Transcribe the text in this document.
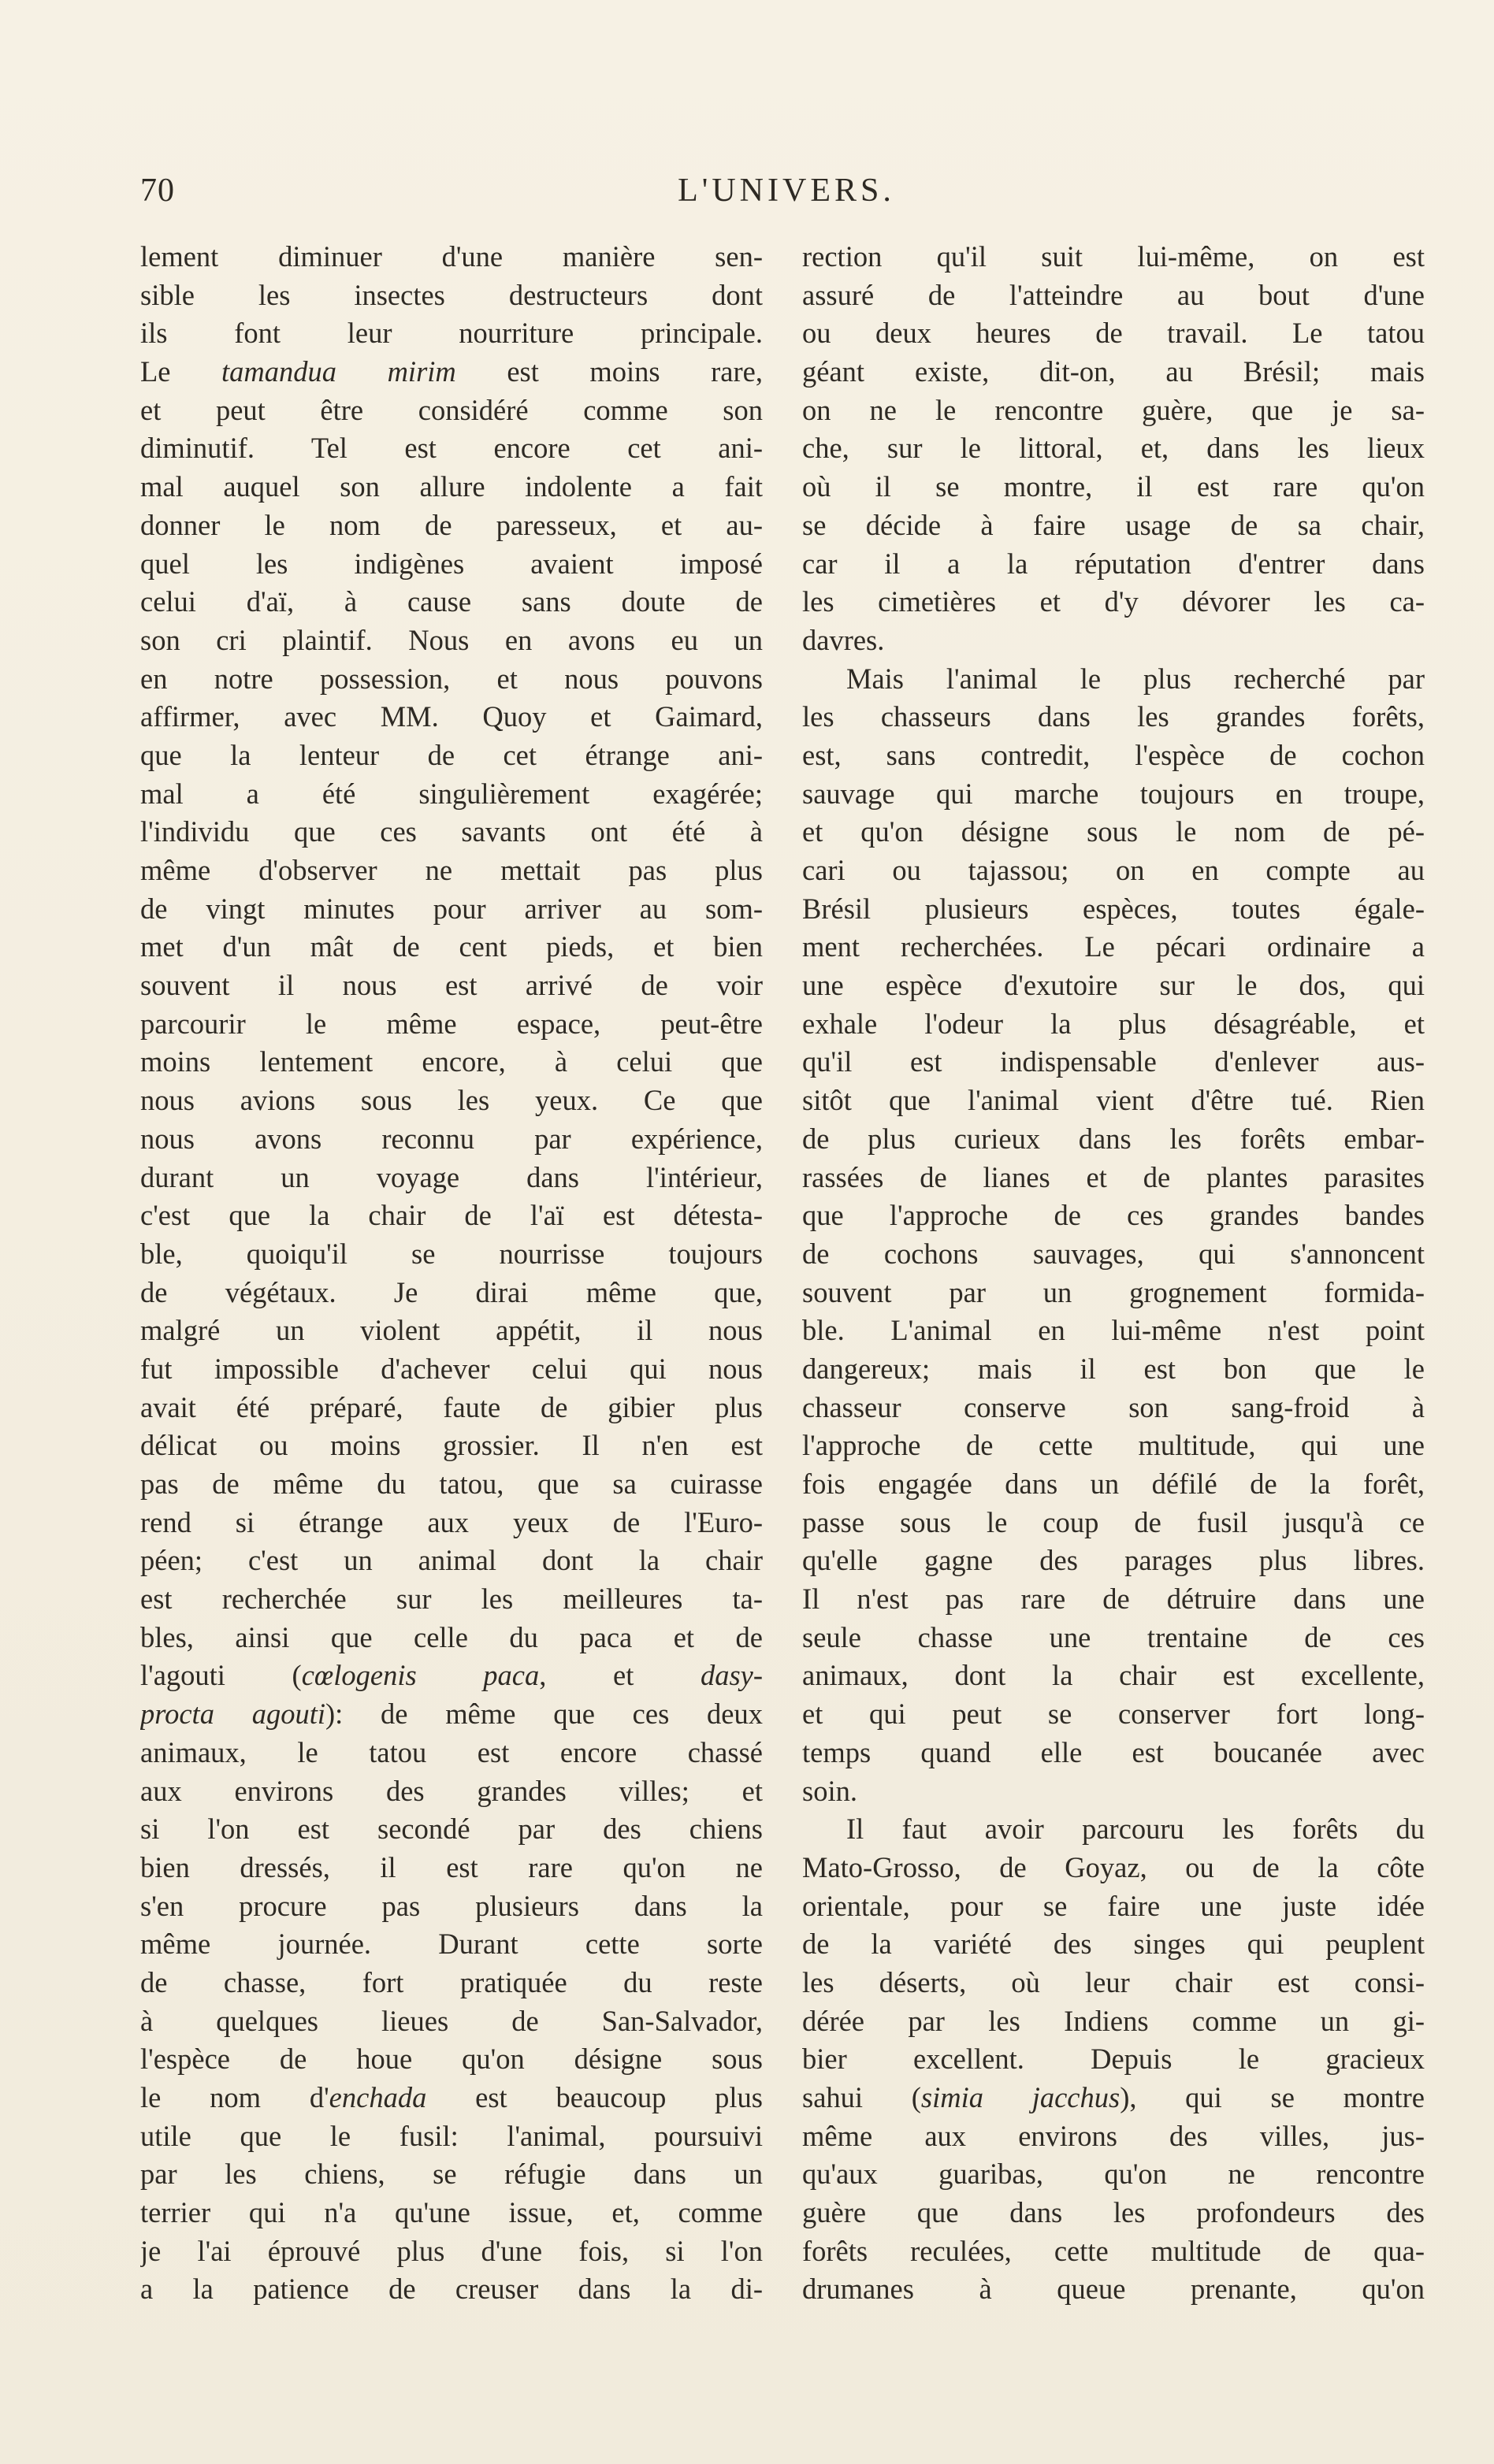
70	L'UNIVERS.
lement diminuer d'une manière sen-
sible les insectes destructeurs dont
ils font leur nourriture principale.
Le tamandua mirim est moins rare,
et peut être considéré comme son
diminutif. Tel est encore cet ani-
mal auquel son allure indolente a fait
donner le nom de paresseux, et au-
quel les indigènes avaient imposé
celui d'aï, à cause sans doute de
son cri plaintif. Nous en avons eu un
en notre possession, et nous pouvons
affirmer, avec MM. Quoy et Gaimard,
que la lenteur de cet étrange ani-
mal a été singulièrement exagérée;
l'individu que ces savants ont été à
même d'observer ne mettait pas plus
de vingt minutes pour arriver au som-
met d'un mât de cent pieds, et bien
souvent il nous est arrivé de voir
parcourir le même espace, peut-être
moins lentement encore, à celui que
nous avions sous les yeux. Ce que
nous avons reconnu par expérience,
durant un voyage dans l'intérieur,
c'est que la chair de l'aï est détesta-
ble, quoiqu'il se nourrisse toujours
de végétaux. Je dirai même que,
malgré un violent appétit, il nous
fut impossible d'achever celui qui nous
avait été préparé, faute de gibier plus
délicat ou moins grossier. Il n'en est
pas de même du tatou, que sa cuirasse
rend si étrange aux yeux de l'Euro-
péen; c'est un animal dont la chair
est recherchée sur les meilleures ta-
bles, ainsi que celle du paca et de
l'agouti (cœlogenis paca, et dasy-
procta agouti): de même que ces deux
animaux, le tatou est encore chassé
aux environs des grandes villes; et
si l'on est secondé par des chiens
bien dressés, il est rare qu'on ne
s'en procure pas plusieurs dans la
même journée. Durant cette sorte
de chasse, fort pratiquée du reste
à quelques lieues de San-Salvador,
l'espèce de houe qu'on désigne sous
le nom d'enchada est beaucoup plus
utile que le fusil: l'animal, poursuivi
par les chiens, se réfugie dans un
terrier qui n'a qu'une issue, et, comme
je l'ai éprouvé plus d'une fois, si l'on
a la patience de creuser dans la di-
rection qu'il suit lui-même, on est
assuré de l'atteindre au bout d'une
ou deux heures de travail. Le tatou
géant existe, dit-on, au Brésil; mais
on ne le rencontre guère, que je sa-
che, sur le littoral, et, dans les lieux
où il se montre, il est rare qu'on
se décide à faire usage de sa chair,
car il a la réputation d'entrer dans
les cimetières et d'y dévorer les ca-
davres.
Mais l'animal le plus recherché par
les chasseurs dans les grandes forêts,
est, sans contredit, l'espèce de cochon
sauvage qui marche toujours en troupe,
et qu'on désigne sous le nom de pé-
cari ou tajassou; on en compte au
Brésil plusieurs espèces, toutes égale-
ment recherchées. Le pécari ordinaire a
une espèce d'exutoire sur le dos, qui
exhale l'odeur la plus désagréable, et
qu'il est indispensable d'enlever aus-
sitôt que l'animal vient d'être tué. Rien
de plus curieux dans les forêts embar-
rassées de lianes et de plantes parasites
que l'approche de ces grandes bandes
de cochons sauvages, qui s'annoncent
souvent par un grognement formida-
ble. L'animal en lui-même n'est point
dangereux; mais il est bon que le
chasseur conserve son sang-froid à
l'approche de cette multitude, qui une
fois engagée dans un défilé de la forêt,
passe sous le coup de fusil jusqu'à ce
qu'elle gagne des parages plus libres.
Il n'est pas rare de détruire dans une
seule chasse une trentaine de ces
animaux, dont la chair est excellente,
et qui peut se conserver fort long-
temps quand elle est boucanée avec
soin.
Il faut avoir parcouru les forêts du
Mato-Grosso, de Goyaz, ou de la côte
orientale, pour se faire une juste idée
de la variété des singes qui peuplent
les déserts, où leur chair est consi-
dérée par les Indiens comme un gi-
bier excellent. Depuis le gracieux
sahui (simia jacchus), qui se montre
même aux environs des villes, jus-
qu'aux guaribas, qu'on ne rencontre
guère que dans les profondeurs des
forêts reculées, cette multitude de qua-
drumanes à queue prenante, qu'on
